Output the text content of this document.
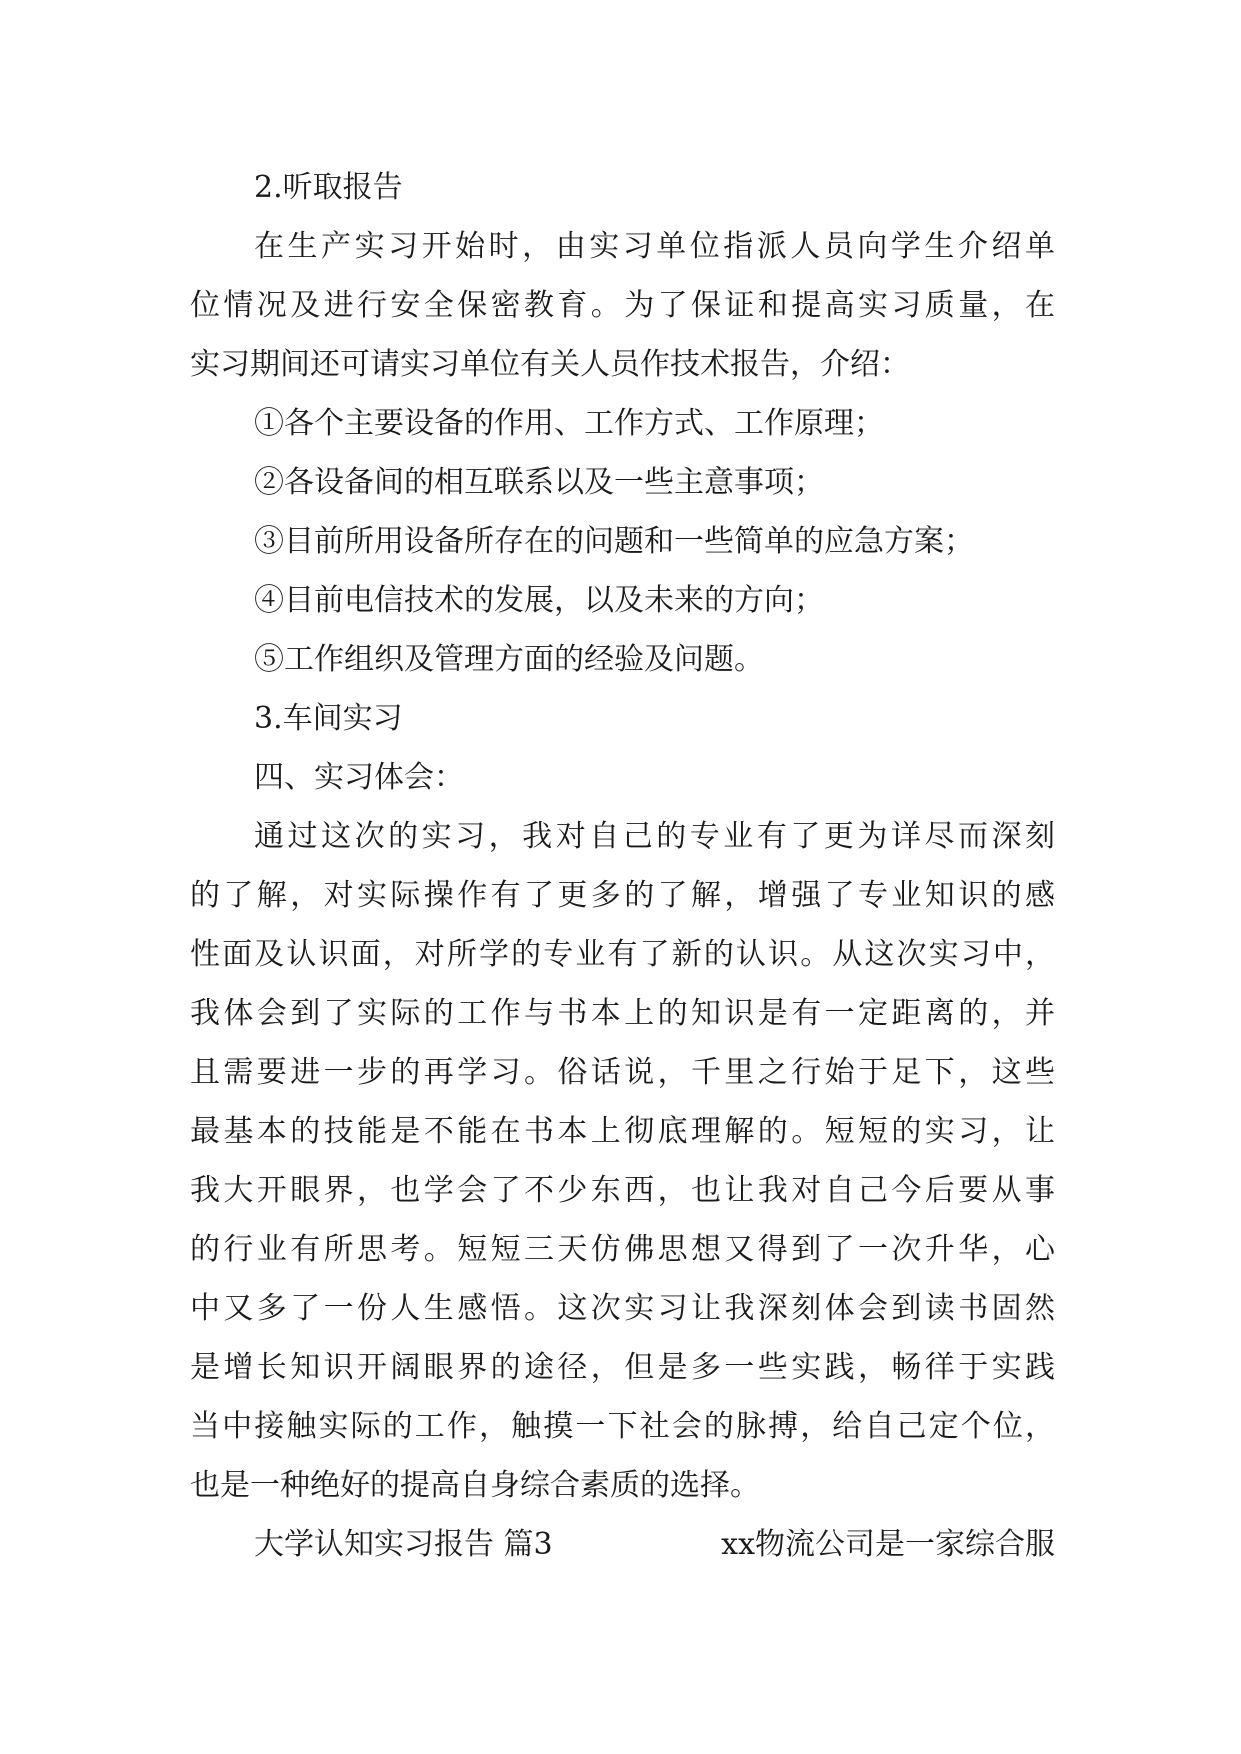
2.听取报告
在生产实习开始时，由实习单位指派人员向学生介绍单
位情况及进行安全保密教育。为了保证和提高实习质量，在
实习期间还可请实习单位有关人员作技术报告，介绍：
①各个主要设备的作用、工作方式、工作原理；
②各设备间的相互联系以及一些主意事项；
③目前所用设备所存在的问题和一些简单的应急方案；
④目前电信技术的发展，以及未来的方向；
⑤工作组织及管理方面的经验及问题。
3.车间实习
四、实习体会：
通过这次的实习，我对自己的专业有了更为详尽而深刻
的了解，对实际操作有了更多的了解，增强了专业知识的感
性面及认识面，对所学的专业有了新的认识。从这次实习中，
我体会到了实际的工作与书本上的知识是有一定距离的，并
且需要进一步的再学习。俗话说，千里之行始于足下，这些
最基本的技能是不能在书本上彻底理解的。短短的实习，让
我大开眼界，也学会了不少东西，也让我对自己今后要从事
的行业有所思考。短短三天仿佛思想又得到了一次升华，心
中又多了一份人生感悟。这次实习让我深刻体会到读书固然
是增长知识开阔眼界的途径，但是多一些实践，畅徉于实践
当中接触实际的工作，触摸一下社会的脉搏，给自己定个位，
也是一种绝好的提高自身综合素质的选择。
大学认知实习报告 篇3	xx物流公司是一家综合服
